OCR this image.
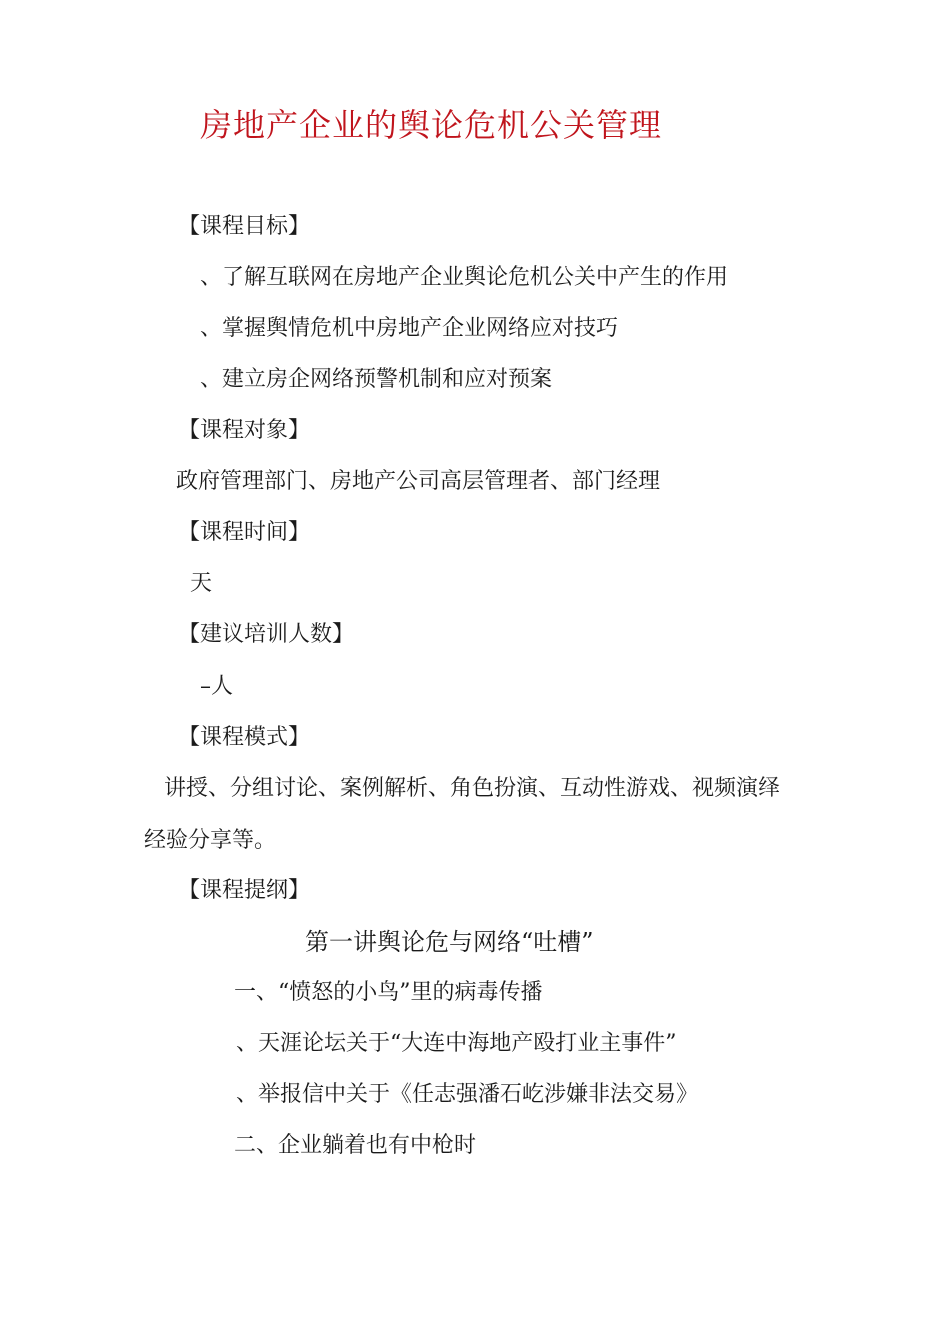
房地产企业的舆论危机公关管理
【课程目标】
、了解互联网在房地产企业舆论危机公关中产生的作用
、掌握舆情危机中房地产企业网络应对技巧
、建立房企网络预警机制和应对预案
【课程对象】
政府管理部门、房地产公司高层管理者、部门经理
【课程时间】
天
【建议培训人数】
–人
【课程模式】
讲授、分组讨论、案例解析、角色扮演、互动性游戏、视频演绎
经验分享等。
【课程提纲】
第一讲舆论危与网络“吐槽”
一、“愤怒的小鸟”里的病毒传播
、天涯论坛关于“大连中海地产殴打业主事件”
、举报信中关于《任志强潘石屹涉嫌非法交易》
二、企业躺着也有中枪时
